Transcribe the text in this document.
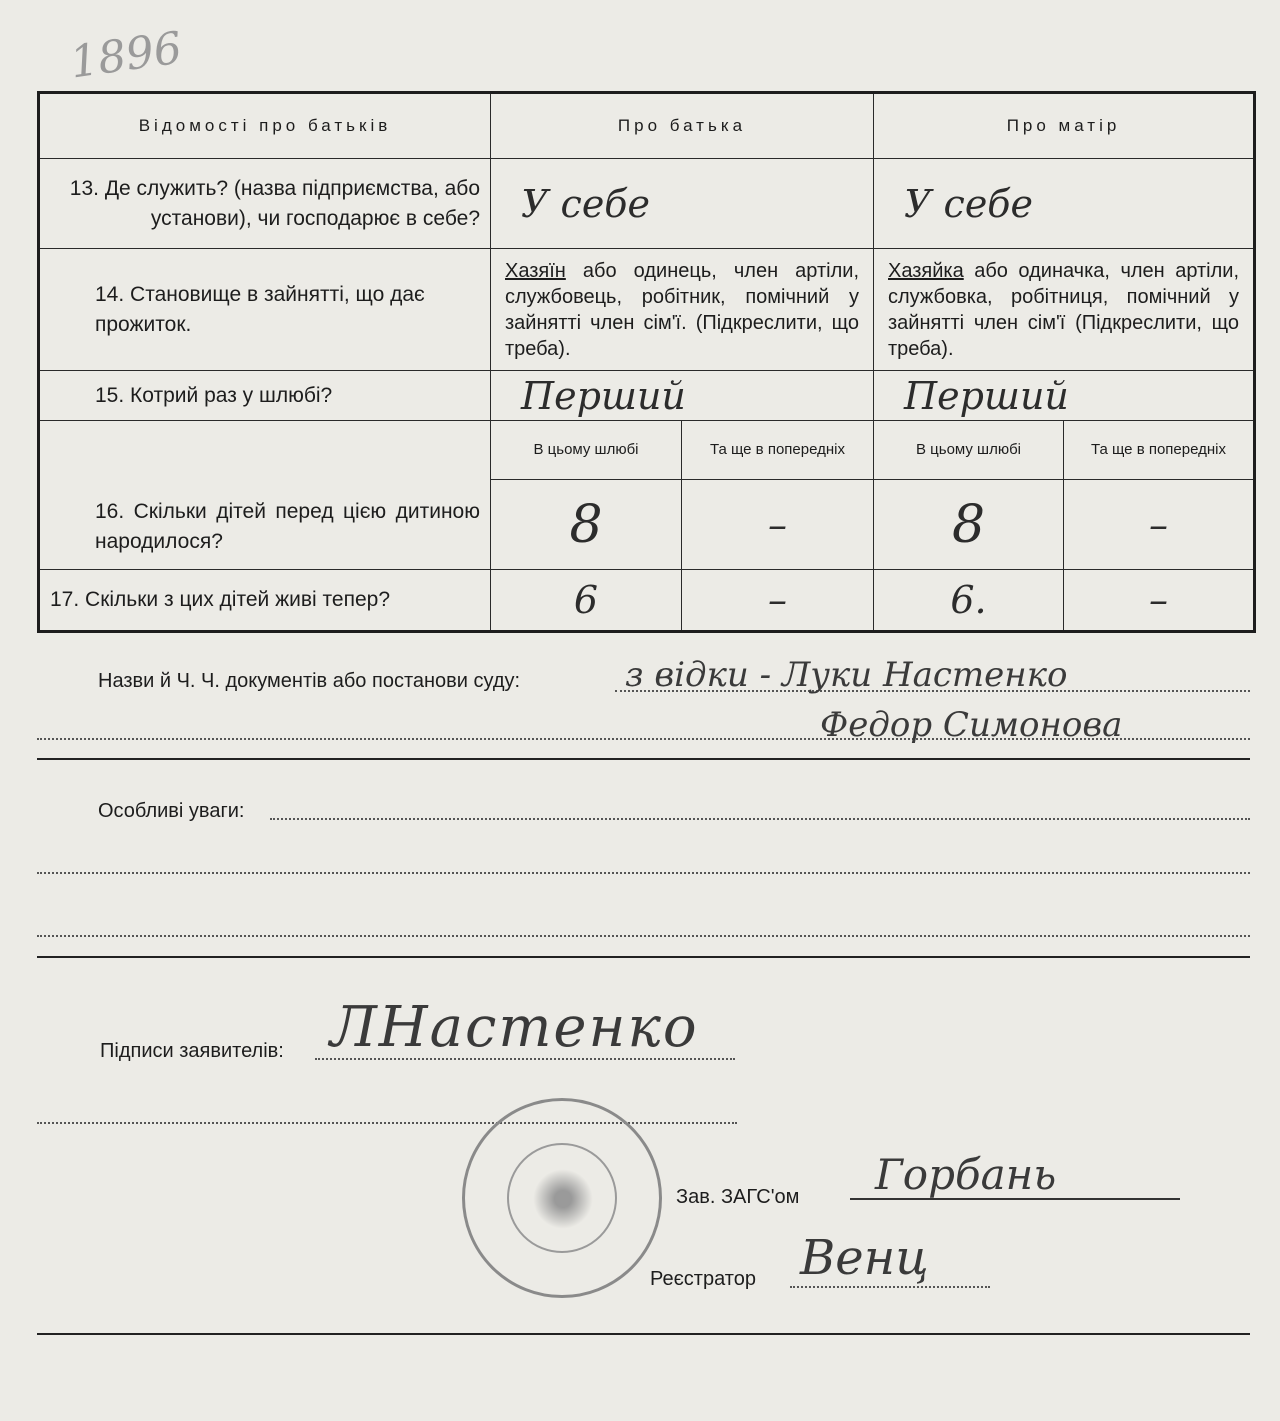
1896
Відомості про батьків	Про батька		Про матір	
13. Де служить? (назва підприємства, або установи), чи господарює в себе?	У себе		У себе	
14. Становище в зайнятті, що дає прожиток.	Хазяїн або одинець, член артіли, службовець, робітник, помічний у зайнятті член сім'ї. (Підкреслити, що треба).		Хазяйка або одиначка, член артіли, службовка, робітниця, помічний у зайнятті член сім'ї (Підкреслити, що треба).	
15. Котрий раз у шлюбі?	Перший		Перший	
16. Скільки дітей перед цією дитиною народилося?	В цьому шлюбі	Та ще в попередніх	В цьому шлюбі	Та ще в попередніх
	8	–	8	–
17. Скільки з цих дітей живі тепер?	6	–	6.	–
Назви й Ч. Ч. документів або постанови суду:	з відки - Луки Настенко
Федор Симонова
Особливі уваги:
Підписи заявителів: ЛНастенко
Зав. ЗАГС'ом Горбань
Реєстратор Венц
